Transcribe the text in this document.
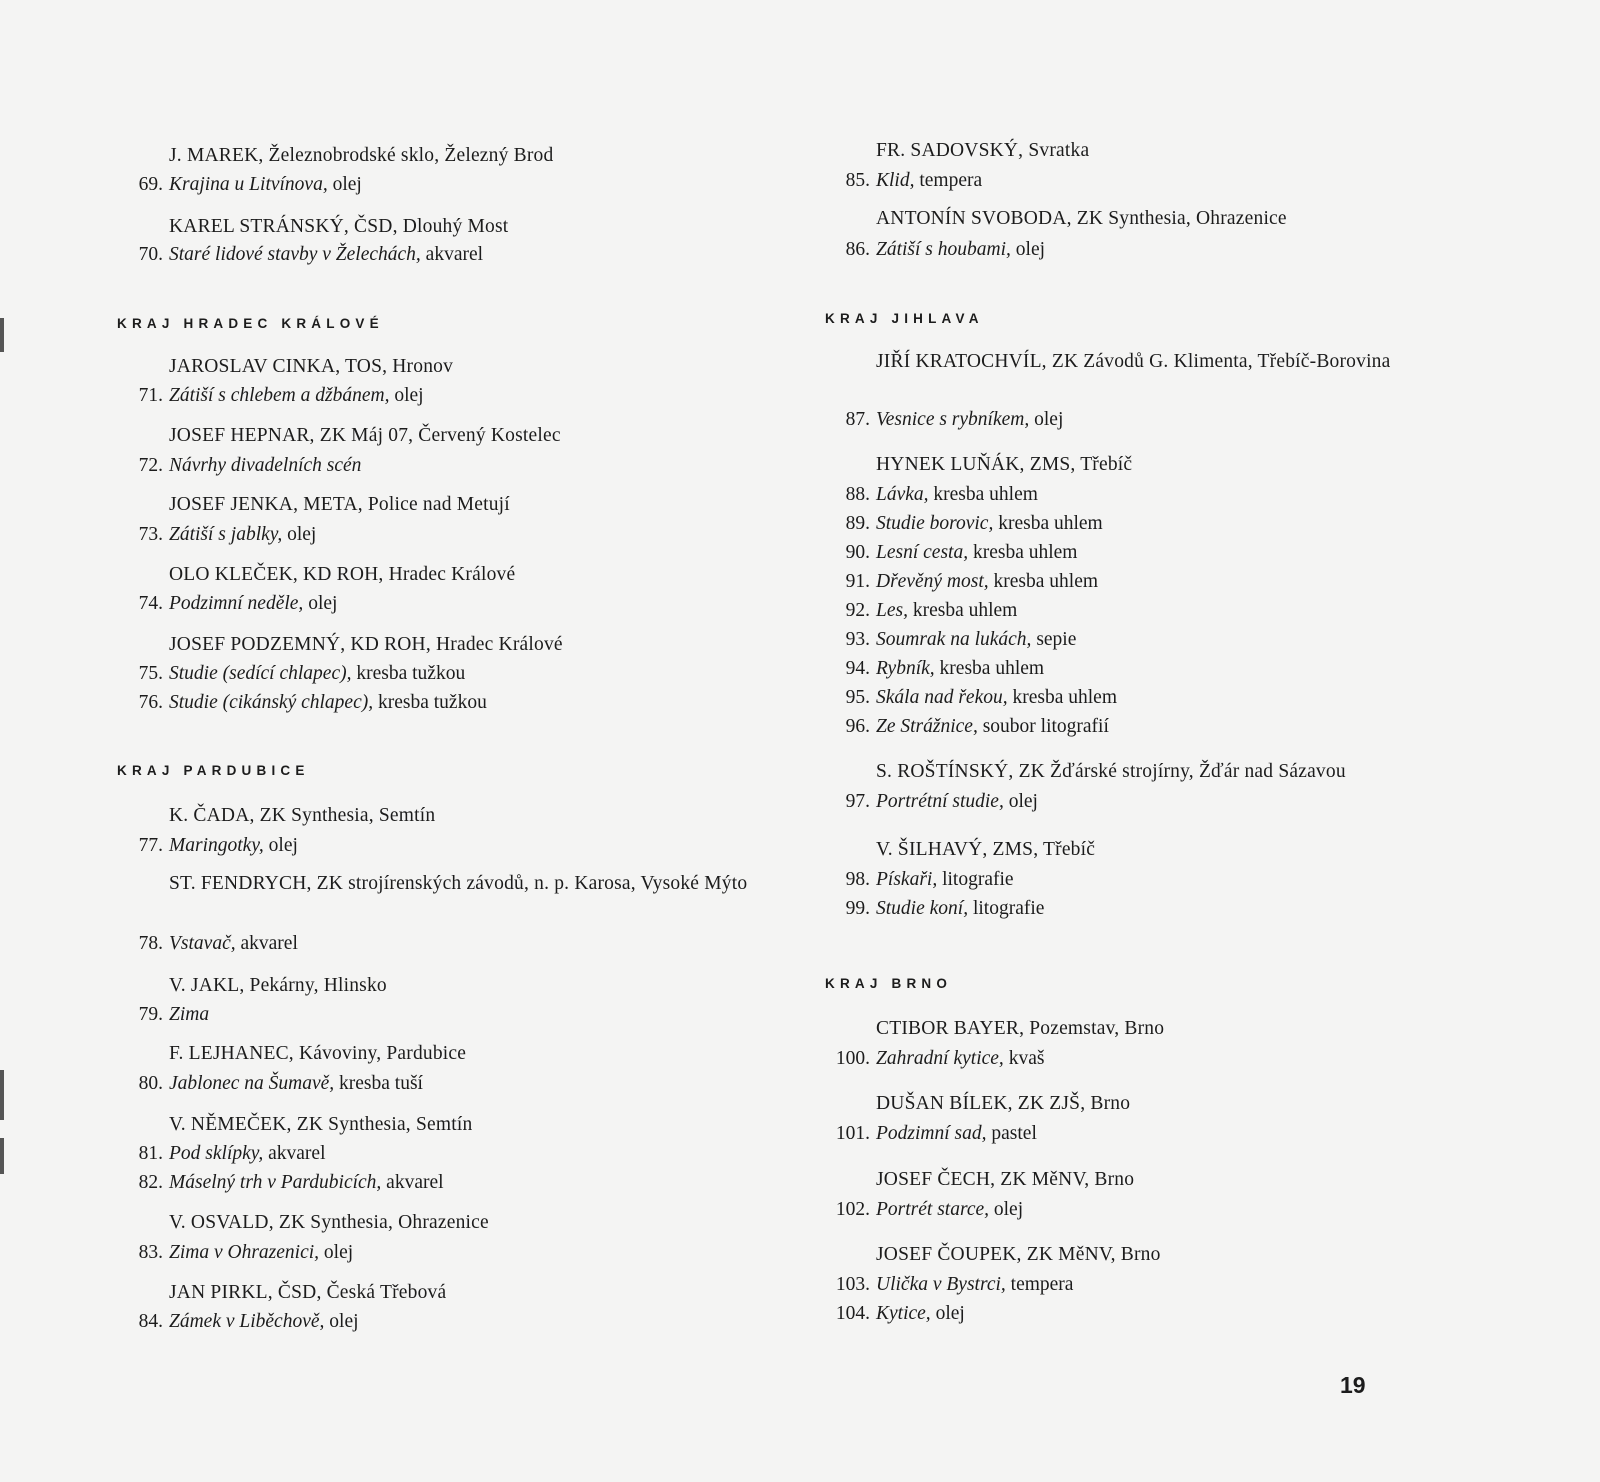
J. MAREK, Železnobrodské sklo, Železný Brod
69. Krajina u Litvínova, olej
KAREL STRÁNSKÝ, ČSD, Dlouhý Most
70. Staré lidové stavby v Želechách, akvarel
KRAJ HRADEC KRÁLOVÉ
JAROSLAV CINKA, TOS, Hronov
71. Zátiší s chlebem a džbánem, olej
JOSEF HEPNAR, ZK Máj 07, Červený Kostelec
72. Návrhy divadelních scén
JOSEF JENKA, META, Police nad Metují
73. Zátiší s jablky, olej
OLO KLEČEK, KD ROH, Hradec Králové
74. Podzimní neděle, olej
JOSEF PODZEMNÝ, KD ROH, Hradec Králové
75. Studie (sedící chlapec), kresba tužkou
76. Studie (cikánský chlapec), kresba tužkou
KRAJ PARDUBICE
K. ČADA, ZK Synthesia, Semtín
77. Maringotky, olej
ST. FENDRYCH, ZK strojírenských závodů, n. p. Karosa, Vysoké Mýto
78. Vstavač, akvarel
V. JAKL, Pekárny, Hlinsko
79. Zima
F. LEJHANEC, Kávoviny, Pardubice
80. Jablonec na Šumavě, kresba tuší
V. NĚMEČEK, ZK Synthesia, Semtín
81. Pod sklípky, akvarel
82. Máselný trh v Pardubicích, akvarel
V. OSVALD, ZK Synthesia, Ohrazenice
83. Zima v Ohrazenici, olej
JAN PIRKL, ČSD, Česká Třebová
84. Zámek v Liběchově, olej
FR. SADOVSKÝ, Svratka
85. Klid, tempera
ANTONÍN SVOBODA, ZK Synthesia, Ohrazenice
86. Zátiší s houbami, olej
KRAJ JIHLAVA
JIŘÍ KRATOCHVÍL, ZK Závodů G. Klimenta, Třebíč-Borovina
87. Vesnice s rybníkem, olej
HYNEK LUŇÁK, ZMS, Třebíč
88. Lávka, kresba uhlem
89. Studie borovic, kresba uhlem
90. Lesní cesta, kresba uhlem
91. Dřevěný most, kresba uhlem
92. Les, kresba uhlem
93. Soumrak na lukách, sepie
94. Rybník, kresba uhlem
95. Skála nad řekou, kresba uhlem
96. Ze Strážnice, soubor litografií
S. ROŠTÍNSKÝ, ZK Žďárské strojírny, Žďár nad Sázavou
97. Portrétní studie, olej
V. ŠILHAVÝ, ZMS, Třebíč
98. Pískaři, litografie
99. Studie koní, litografie
KRAJ BRNO
CTIBOR BAYER, Pozemstav, Brno
100. Zahradní kytice, kvaš
DUŠAN BÍLEK, ZK ZJŠ, Brno
101. Podzimní sad, pastel
JOSEF ČECH, ZK MěNV, Brno
102. Portrét starce, olej
JOSEF ČOUPEK, ZK MěNV, Brno
103. Ulička v Bystrci, tempera
104. Kytice, olej
19
